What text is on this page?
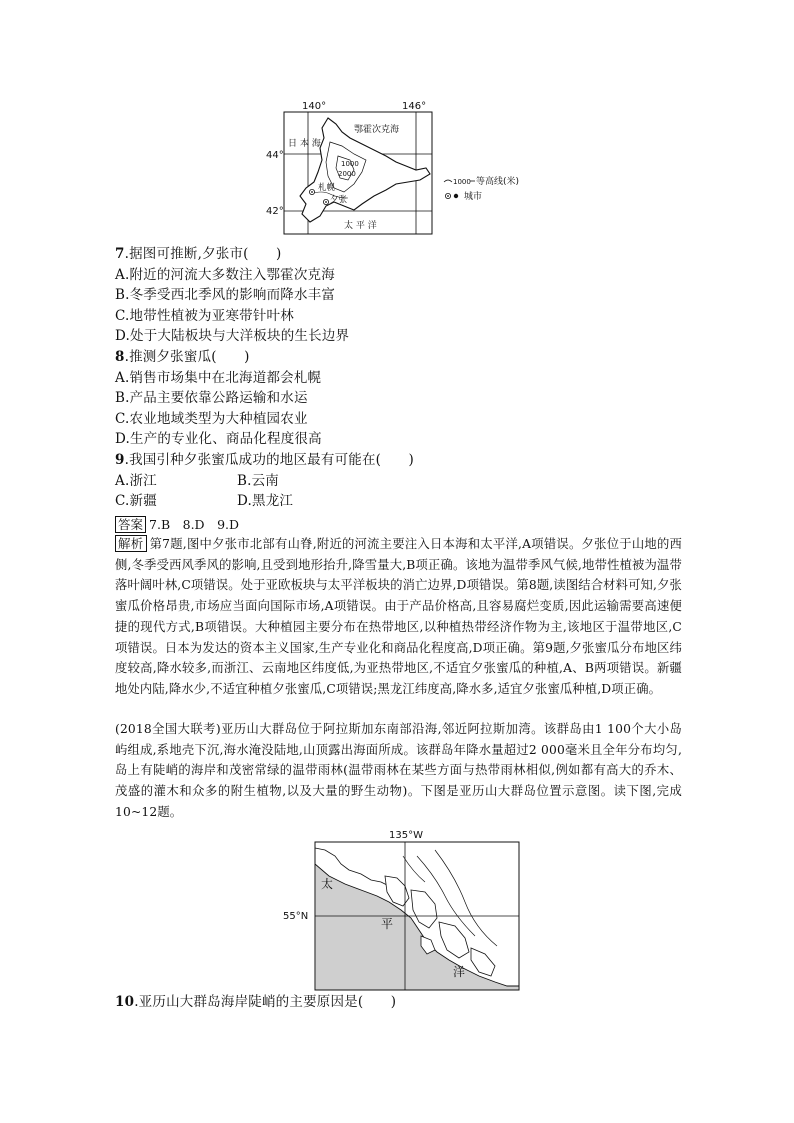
140°	146°
44°
42°
1000
2000
日 本 海
鄂霍次克海
太 平 洋
札幌
夕张
1000 等高线(米)
城市
7.据图可推断,夕张市(　　)
A.附近的河流大多数注入鄂霍次克海
B.冬季受西北季风的影响而降水丰富
C.地带性植被为亚寒带针叶林
D.处于大陆板块与大洋板块的生长边界
8.推测夕张蜜瓜(　　)
A.销售市场集中在北海道都会札幌
B.产品主要依靠公路运输和水运
C.农业地域类型为大种植园农业
D.生产的专业化、商品化程度很高
9.我国引种夕张蜜瓜成功的地区最有可能在(　　)
A.浙江	B.云南
C.新疆	D.黑龙江
答案 7.B　8.D　9.D
解析 第7题,图中夕张市北部有山脊,附近的河流主要注入日本海和太平洋,A项错误。夕张位于山地的西侧,冬季受西风季风的影响,且受到地形抬升,降雪量大,B项正确。该地为温带季风气候,地带性植被为温带落叶阔叶林,C项错误。处于亚欧板块与太平洋板块的消亡边界,D项错误。第8题,读图结合材料可知,夕张蜜瓜价格昂贵,市场应当面向国际市场,A项错误。由于产品价格高,且容易腐烂变质,因此运输需要高速便捷的现代方式,B项错误。大种植园主要分布在热带地区,以种植热带经济作物为主,该地区于温带地区,C项错误。日本为发达的资本主义国家,生产专业化和商品化程度高,D项正确。第9题,夕张蜜瓜分布地区纬度较高,降水较多,而浙江、云南地区纬度低,为亚热带地区,不适宜夕张蜜瓜的种植,A、B两项错误。新疆地处内陆,降水少,不适宜种植夕张蜜瓜,C项错误;黑龙江纬度高,降水多,适宜夕张蜜瓜种植,D项正确。
(2018全国大联考)亚历山大群岛位于阿拉斯加东南部沿海,邻近阿拉斯加湾。该群岛由1 100个大小岛屿组成,系地壳下沉,海水淹没陆地,山顶露出海面所成。该群岛年降水量超过2 000毫米且全年分布均匀,岛上有陡峭的海岸和茂密常绿的温带雨林(温带雨林在某些方面与热带雨林相似,例如都有高大的乔木、茂盛的灌木和众多的附生植物,以及大量的野生动物)。下图是亚历山大群岛位置示意图。读下图,完成10~12题。
135°W
55°N
太
平
洋
10.亚历山大群岛海岸陡峭的主要原因是(　　)
